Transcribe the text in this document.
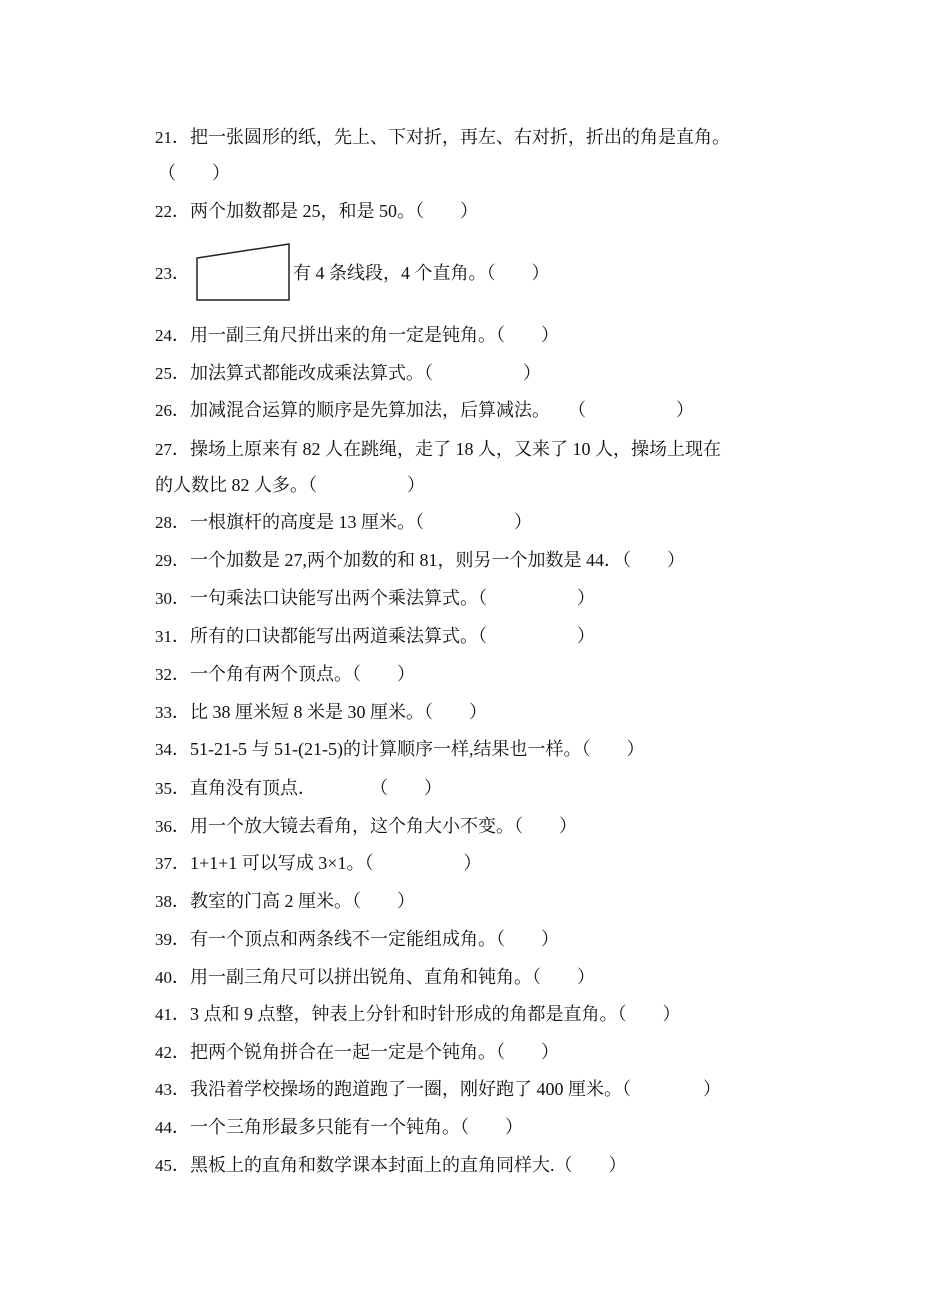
21．把一张圆形的纸，先上、下对折，再左、右对折，折出的角是直角。
（　　）
22．两个加数都是 25，和是 50。（　　）
23．	有 4 条线段，4 个直角。（　　）
24．用一副三角尺拼出来的角一定是钝角。（　　）
25．加法算式都能改成乘法算式。（　　　　　）
26．加减混合运算的顺序是先算加法，后算减法。　　（　　　　　）
27．操场上原来有 82 人在跳绳，走了 18 人，又来了 10 人，操场上现在
的人数比 82 人多。（　　　　　）
28．一根旗杆的高度是 13 厘米。（　　　　　）
29．一个加数是 27,两个加数的和 81，则另一个加数是 44．（　　）
30．一句乘法口诀能写出两个乘法算式。（　　　　　）
31．所有的口诀都能写出两道乘法算式。（　　　　　）
32．一个角有两个顶点。（　　）
33．比 38 厘米短 8 米是 30 厘米。（　　）
34．51-21-5 与 51-(21-5)的计算顺序一样,结果也一样。（　　）
35．直角没有顶点．　　　　（　　）
36．用一个放大镜去看角，这个角大小不变。（　　）
37．1+1+1 可以写成 3×1。（　　　　　）
38．教室的门高 2 厘米。（　　）
39．有一个顶点和两条线不一定能组成角。（　　）
40．用一副三角尺可以拼出锐角、直角和钝角。（　　）
41．3 点和 9 点整，钟表上分针和时针形成的角都是直角。（　　）
42．把两个锐角拼合在一起一定是个钝角。（　　）
43．我沿着学校操场的跑道跑了一圈，刚好跑了 400 厘米。（　　　　）
44．一个三角形最多只能有一个钝角。（　　）
45．黑板上的直角和数学课本封面上的直角同样大.（　　）
